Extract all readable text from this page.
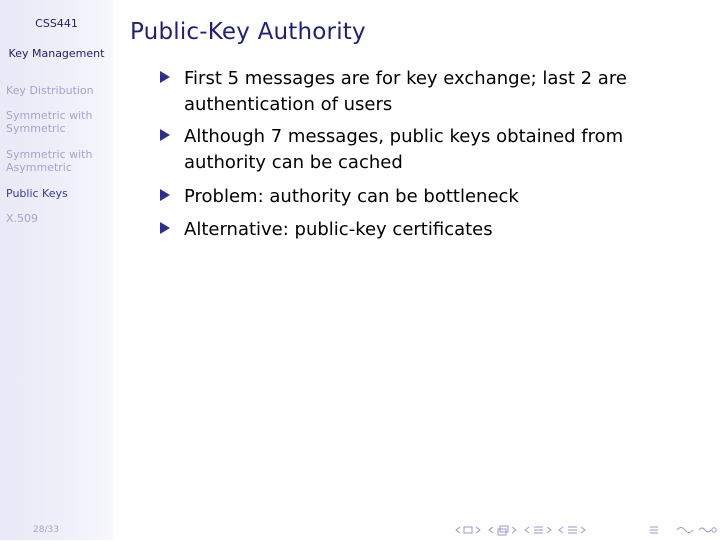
CSS441
Key Management
Key Distribution
Symmetric with Symmetric
Symmetric with Asymmetric
Public Keys
X.509
28/33
Public-Key Authority
First 5 messages are for key exchange; last 2 are authentication of users
Although 7 messages, public keys obtained from authority can be cached
Problem: authority can be bottleneck
Alternative: public-key certificates
